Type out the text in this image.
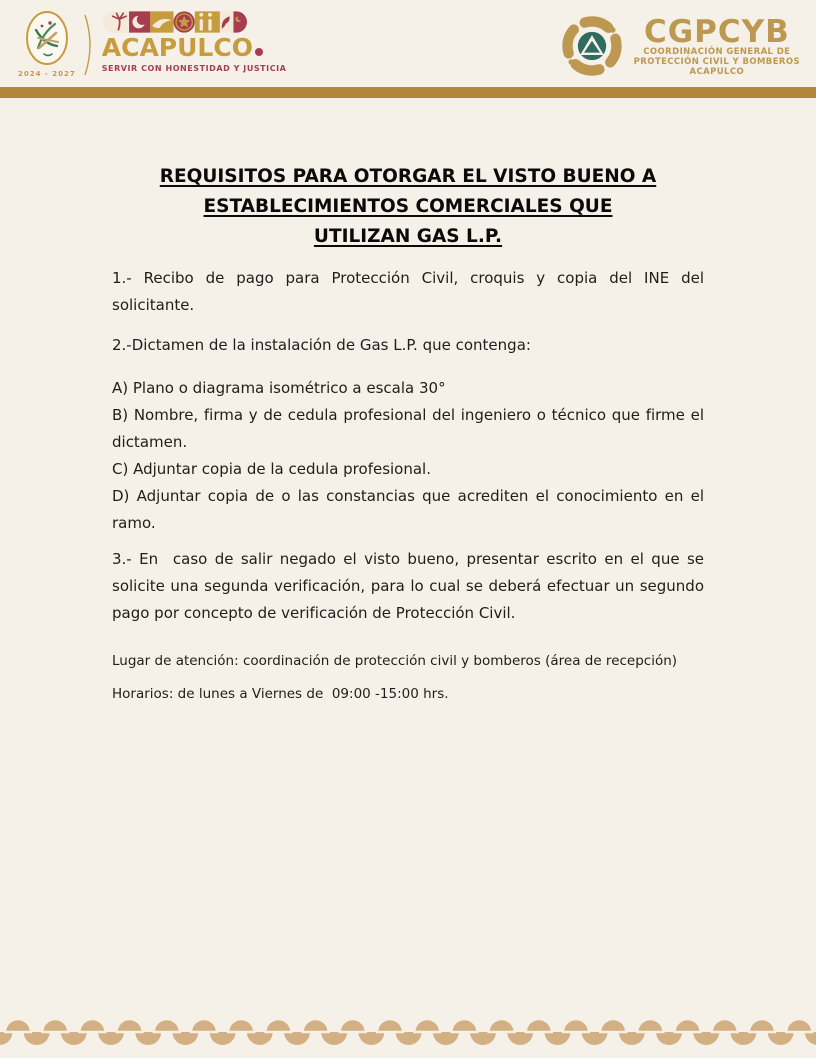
2024 - 2027
ACAPULCO
SERVIR CON HONESTIDAD Y JUSTICIA
CGPCYB
COORDINACIÓN GENERAL DE
PROTECCIÓN CIVIL Y BOMBEROS
ACAPULCO
REQUISITOS PARA OTORGAR EL VISTO BUENO A
ESTABLECIMIENTOS COMERCIALES QUE
UTILIZAN GAS L.P.
1.- Recibo de pago para Protección Civil, croquis y copia del INE del solicitante.
2.-Dictamen de la instalación de Gas L.P. que contenga:
A) Plano o diagrama isométrico a escala 30°
B) Nombre, firma y de cedula profesional del ingeniero o técnico que firme el dictamen.
C) Adjuntar copia de la cedula profesional.
D) Adjuntar copia de o las constancias que acrediten el conocimiento en el ramo.
3.- En  caso de salir negado el visto bueno, presentar escrito en el que se solicite una segunda verificación, para lo cual se deberá efectuar un segundo pago por concepto de verificación de Protección Civil.
Lugar de atención: coordinación de protección civil y bomberos (área de recepción)
Horarios: de lunes a Viernes de  09:00 -15:00 hrs.
